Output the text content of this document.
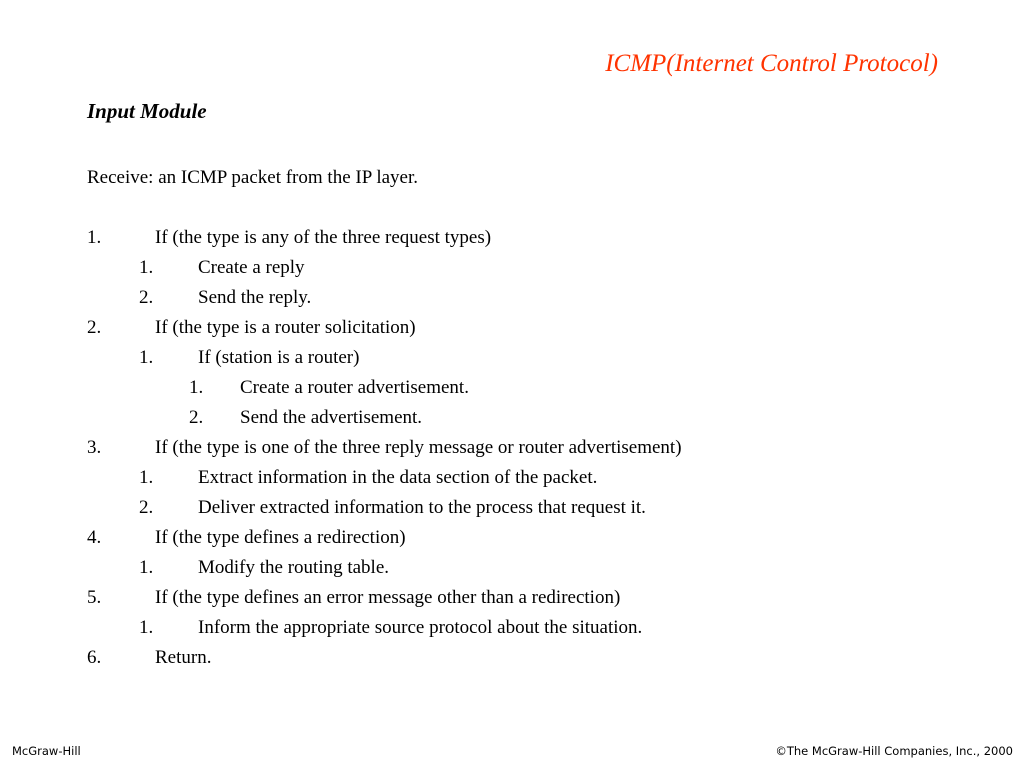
ICMP(Internet Control Protocol)
Input Module
Receive: an ICMP packet from the IP layer.
1.	If (the type is any of the three request types)
1. Create a reply
2. Send the reply.
2.	If (the type is a router solicitation)
1. If (station is a router)
1. Create a router advertisement.
2. Send the advertisement.
3.	If (the type is one of the three reply message or router advertisement)
1. Extract information in the data section of the packet.
2. Deliver extracted information to the process that request it.
4.	If (the type defines a redirection)
1. Modify the routing table.
5.	If (the type defines an error message other than a redirection)
1. Inform the appropriate source protocol about the situation.
6.	Return.
McGraw-Hill	©The McGraw-Hill Companies, Inc., 2000
